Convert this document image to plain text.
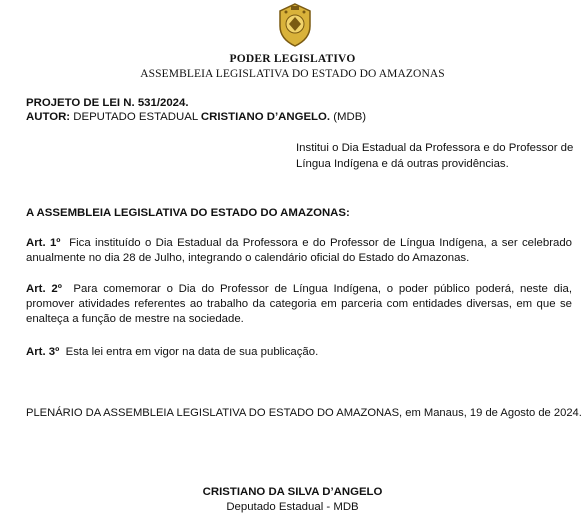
PODER LEGISLATIVO
ASSEMBLEIA LEGISLATIVA DO ESTADO DO AMAZONAS
PROJETO DE LEI N. 531/2024.
AUTOR: DEPUTADO ESTADUAL CRISTIANO D’ANGELO. (MDB)
Institui o Dia Estadual da Professora e do Professor de Língua Indígena e dá outras providências.
A ASSEMBLEIA LEGISLATIVA DO ESTADO DO AMAZONAS:
Art. 1º Fica instituído o Dia Estadual da Professora e do Professor de Língua Indígena, a ser celebrado anualmente no dia 28 de Julho, integrando o calendário oficial do Estado do Amazonas.
Art. 2º Para comemorar o Dia do Professor de Língua Indígena, o poder público poderá, neste dia, promover atividades referentes ao trabalho da categoria em parceria com entidades diversas, em que se enalteça a função de mestre na sociedade.
Art. 3º Esta lei entra em vigor na data de sua publicação.
PLENÁRIO DA ASSEMBLEIA LEGISLATIVA DO ESTADO DO AMAZONAS, em Manaus, 19 de Agosto de 2024.
CRISTIANO DA SILVA D’ANGELO
Deputado Estadual - MDB
